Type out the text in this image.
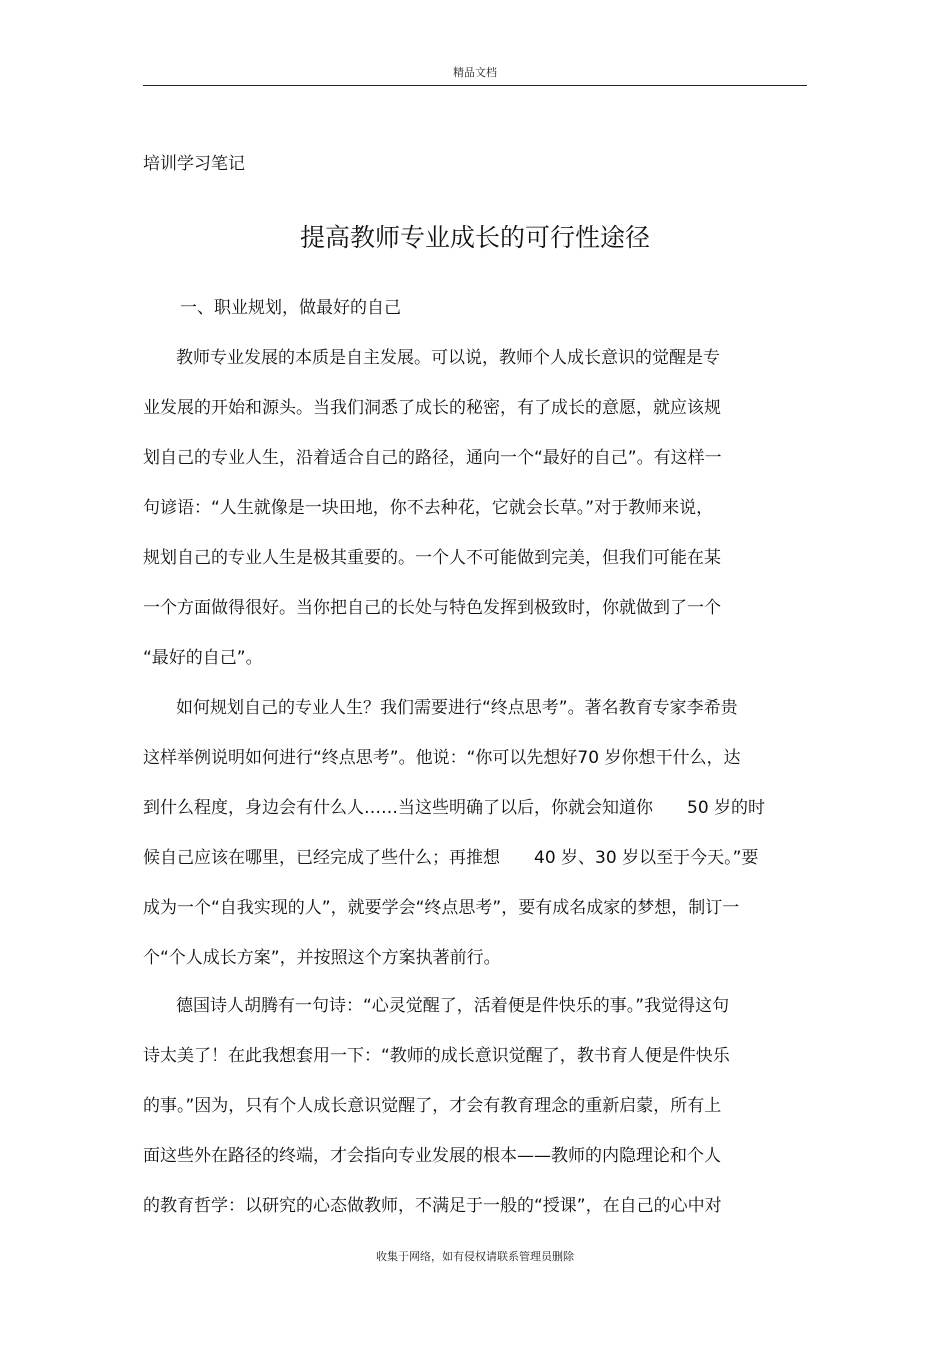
精品文档
培训学习笔记
提高教师专业成长的可行性途径
一、职业规划，做最好的自己
教师专业发展的本质是自主发展。可以说，教师个人成长意识的觉醒是专
业发展的开始和源头。当我们洞悉了成长的秘密，有了成长的意愿，就应该规
划自己的专业人生，沿着适合自己的路径，通向一个“最好的自己”。有这样一
句谚语：“人生就像是一块田地，你不去种花，它就会长草。”对于教师来说，
规划自己的专业人生是极其重要的。一个人不可能做到完美，但我们可能在某
一个方面做得很好。当你把自己的长处与特色发挥到极致时，你就做到了一个
“最好的自己”。
如何规划自己的专业人生？我们需要进行“终点思考”。著名教育专家李希贵
这样举例说明如何进行“终点思考”。他说：“你可以先想好70 岁你想干什么，达
到什么程度，身边会有什么人……当这些明确了以后，你就会知道你　　50 岁的时
候自己应该在哪里，已经完成了些什么；再推想　　40 岁、30 岁以至于今天。”要
成为一个“自我实现的人”，就要学会“终点思考”，要有成名成家的梦想，制订一
个“个人成长方案”，并按照这个方案执著前行。
德国诗人胡腾有一句诗：“心灵觉醒了，活着便是件快乐的事。”我觉得这句
诗太美了！在此我想套用一下：“教师的成长意识觉醒了，教书育人便是件快乐
的事。”因为，只有个人成长意识觉醒了，才会有教育理念的重新启蒙，所有上
面这些外在路径的终端，才会指向专业发展的根本——教师的内隐理论和个人
的教育哲学：以研究的心态做教师，不满足于一般的“授课”，在自己的心中对
收集于网络，如有侵权请联系管理员删除
